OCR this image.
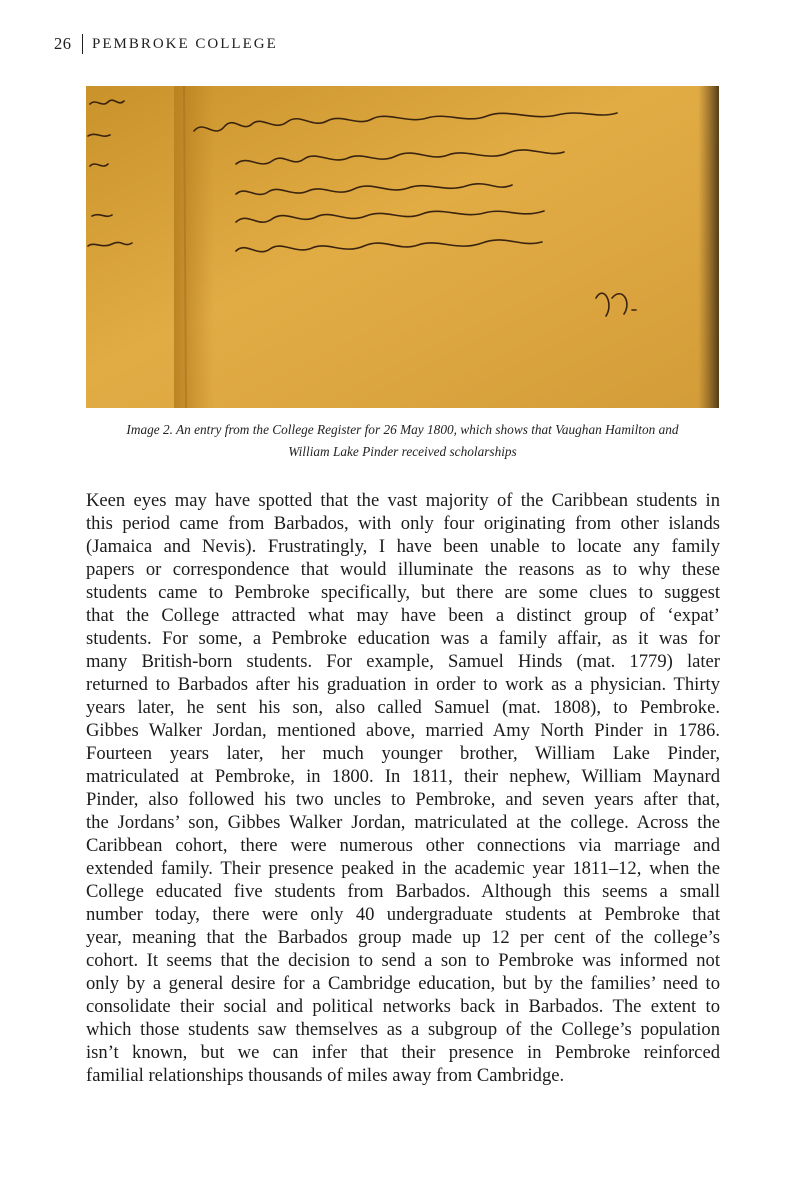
26 PEMBROKE COLLEGE
Image 2. An entry from the College Register for 26 May 1800, which shows that Vaughan Hamilton and
William Lake Pinder received scholarships
Keen eyes may have spotted that the vast majority of the Caribbean students in
this period came from Barbados, with only four originating from other islands
(Jamaica and Nevis). Frustratingly, I have been unable to locate any family
papers or correspondence that would illuminate the reasons as to why these
students came to Pembroke specifically, but there are some clues to suggest
that the College attracted what may have been a distinct group of ‘expat’
students. For some, a Pembroke education was a family affair, as it was for
many British-born students. For example, Samuel Hinds (mat. 1779) later
returned to Barbados after his graduation in order to work as a physician. Thirty
years later, he sent his son, also called Samuel (mat. 1808), to Pembroke.
Gibbes Walker Jordan, mentioned above, married Amy North Pinder in 1786.
Fourteen years later, her much younger brother, William Lake Pinder,
matriculated at Pembroke, in 1800. In 1811, their nephew, William Maynard
Pinder, also followed his two uncles to Pembroke, and seven years after that,
the Jordans’ son, Gibbes Walker Jordan, matriculated at the college. Across the
Caribbean cohort, there were numerous other connections via marriage and
extended family. Their presence peaked in the academic year 1811–12, when the
College educated five students from Barbados. Although this seems a small
number today, there were only 40 undergraduate students at Pembroke that
year, meaning that the Barbados group made up 12 per cent of the college’s
cohort. It seems that the decision to send a son to Pembroke was informed not
only by a general desire for a Cambridge education, but by the families’ need to
consolidate their social and political networks back in Barbados. The extent to
which those students saw themselves as a subgroup of the College’s population
isn’t known, but we can infer that their presence in Pembroke reinforced
familial relationships thousands of miles away from Cambridge.
